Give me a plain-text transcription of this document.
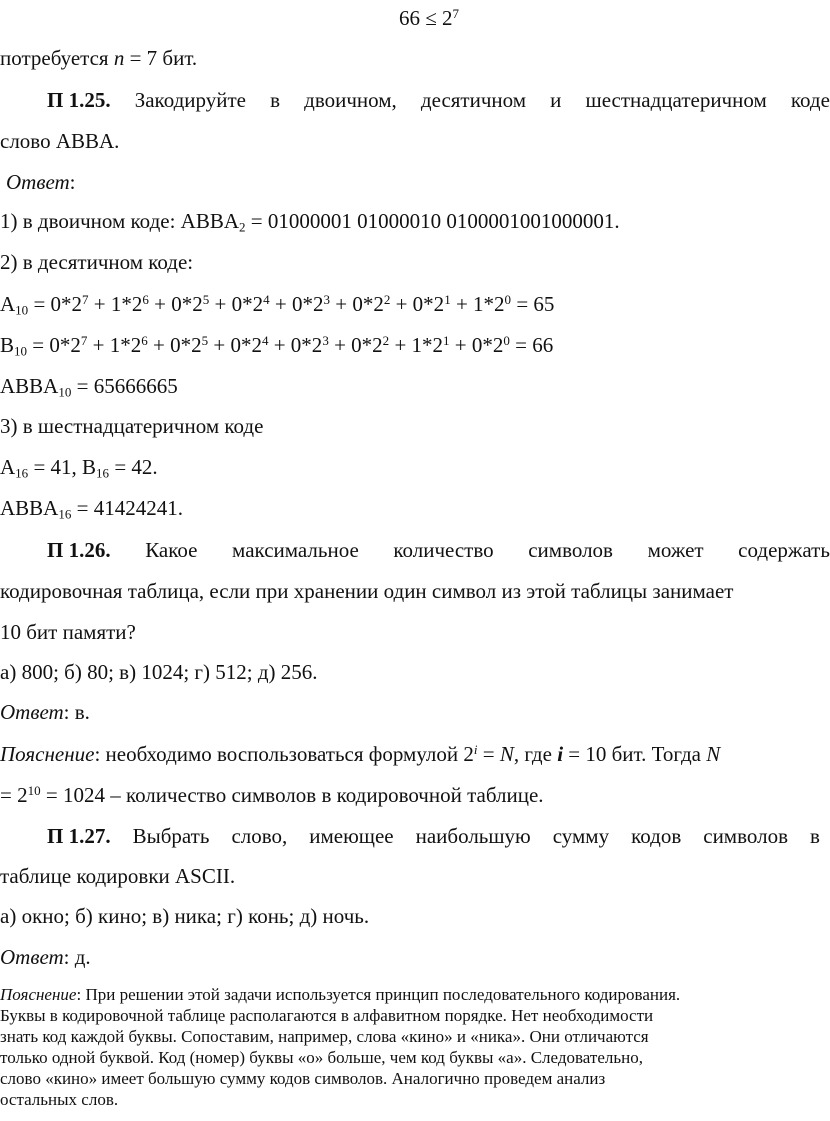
$66 \le 2^7$
потребуется n = 7 бит.
П 1.25. Закодируйте в двоичном, десятичном и шестнадцатеричном коде
слово ABBA.
Ответ:
1) в двоичном коде: $ABBA_2 = 01000001$ 01000010 0100001001000001.
2) в десятичном коде:
$A_{10} = 0*2^7 + 1*2^6 + 0*2^5 + 0*2^4 + 0*2^3 + 0*2^2 + 0*2^1 + 1*2^0 = 65$
$B_{10} = 0*2^7 + 1*2^6 + 0*2^5 + 0*2^4 + 0*2^3 + 0*2^2 + 1*2^1 + 0*2^0 = 66$
$ABBA_{10} = 65666665$
3) в шестнадцатеричном коде
$A_{16} = 41$, $B_{16} = 42$.
$ABBA_{16} = 41424241$.
П 1.26. Какое максимальное количество символов может содержать
кодировочная таблица, если при хранении один символ из этой таблицы занимает
10 бит памяти?
а) 800; б) 80; в) 1024; г) 512; д) 256.
Ответ: в.
Пояснение: необходимо воспользоваться формулой $2^i = N$, где i = 10 бит. Тогда N
= $2^{10} = 1024$ – количество символов в кодировочной таблице.
П 1.27. Выбрать слово, имеющее наибольшую сумму кодов символов в
таблице кодировки ASCII.
а) окно; б) кино; в) ника; г) конь; д) ночь.
Ответ: д.
Пояснение: При решении этой задачи используется принцип последовательного кодирования.
Буквы в кодировочной таблице располагаются в алфавитном порядке. Нет необходимости
знать код каждой буквы. Сопоставим, например, слова «кино» и «ника». Они отличаются
только одной буквой. Код (номер) буквы «о» больше, чем код буквы «а». Следовательно,
слово «кино» имеет большую сумму кодов символов. Аналогично проведем анализ
остальных слов.
